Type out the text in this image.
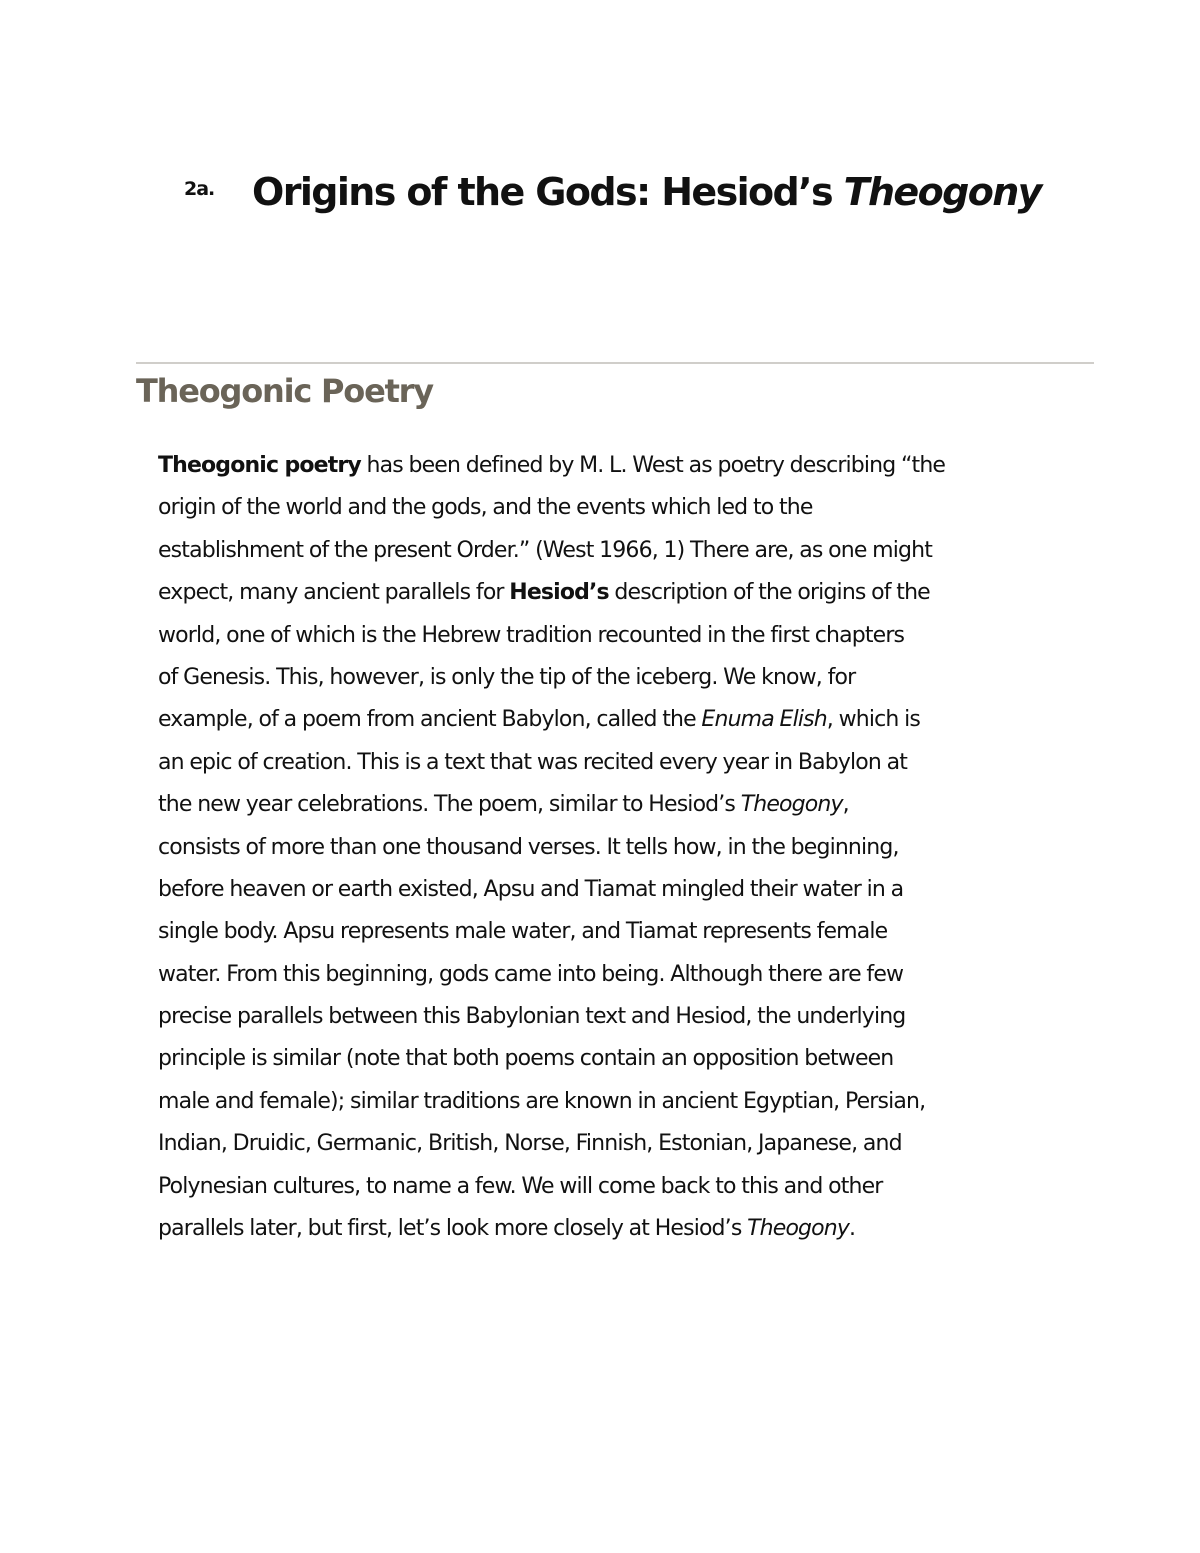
2a. Origins of the Gods: Hesiod’s Theogony
Theogonic Poetry
Theogonic poetry has been defined by M. L. West as poetry describing “the
origin of the world and the gods, and the events which led to the
establishment of the present Order.” (West 1966, 1) There are, as one might
expect, many ancient parallels for Hesiod’s description of the origins of the
world, one of which is the Hebrew tradition recounted in the first chapters
of Genesis. This, however, is only the tip of the iceberg. We know, for
example, of a poem from ancient Babylon, called the Enuma Elish, which is
an epic of creation. This is a text that was recited every year in Babylon at
the new year celebrations. The poem, similar to Hesiod’s Theogony,
consists of more than one thousand verses. It tells how, in the beginning,
before heaven or earth existed, Apsu and Tiamat mingled their water in a
single body. Apsu represents male water, and Tiamat represents female
water. From this beginning, gods came into being. Although there are few
precise parallels between this Babylonian text and Hesiod, the underlying
principle is similar (note that both poems contain an opposition between
male and female); similar traditions are known in ancient Egyptian, Persian,
Indian, Druidic, Germanic, British, Norse, Finnish, Estonian, Japanese, and
Polynesian cultures, to name a few. We will come back to this and other
parallels later, but first, let’s look more closely at Hesiod’s Theogony.
